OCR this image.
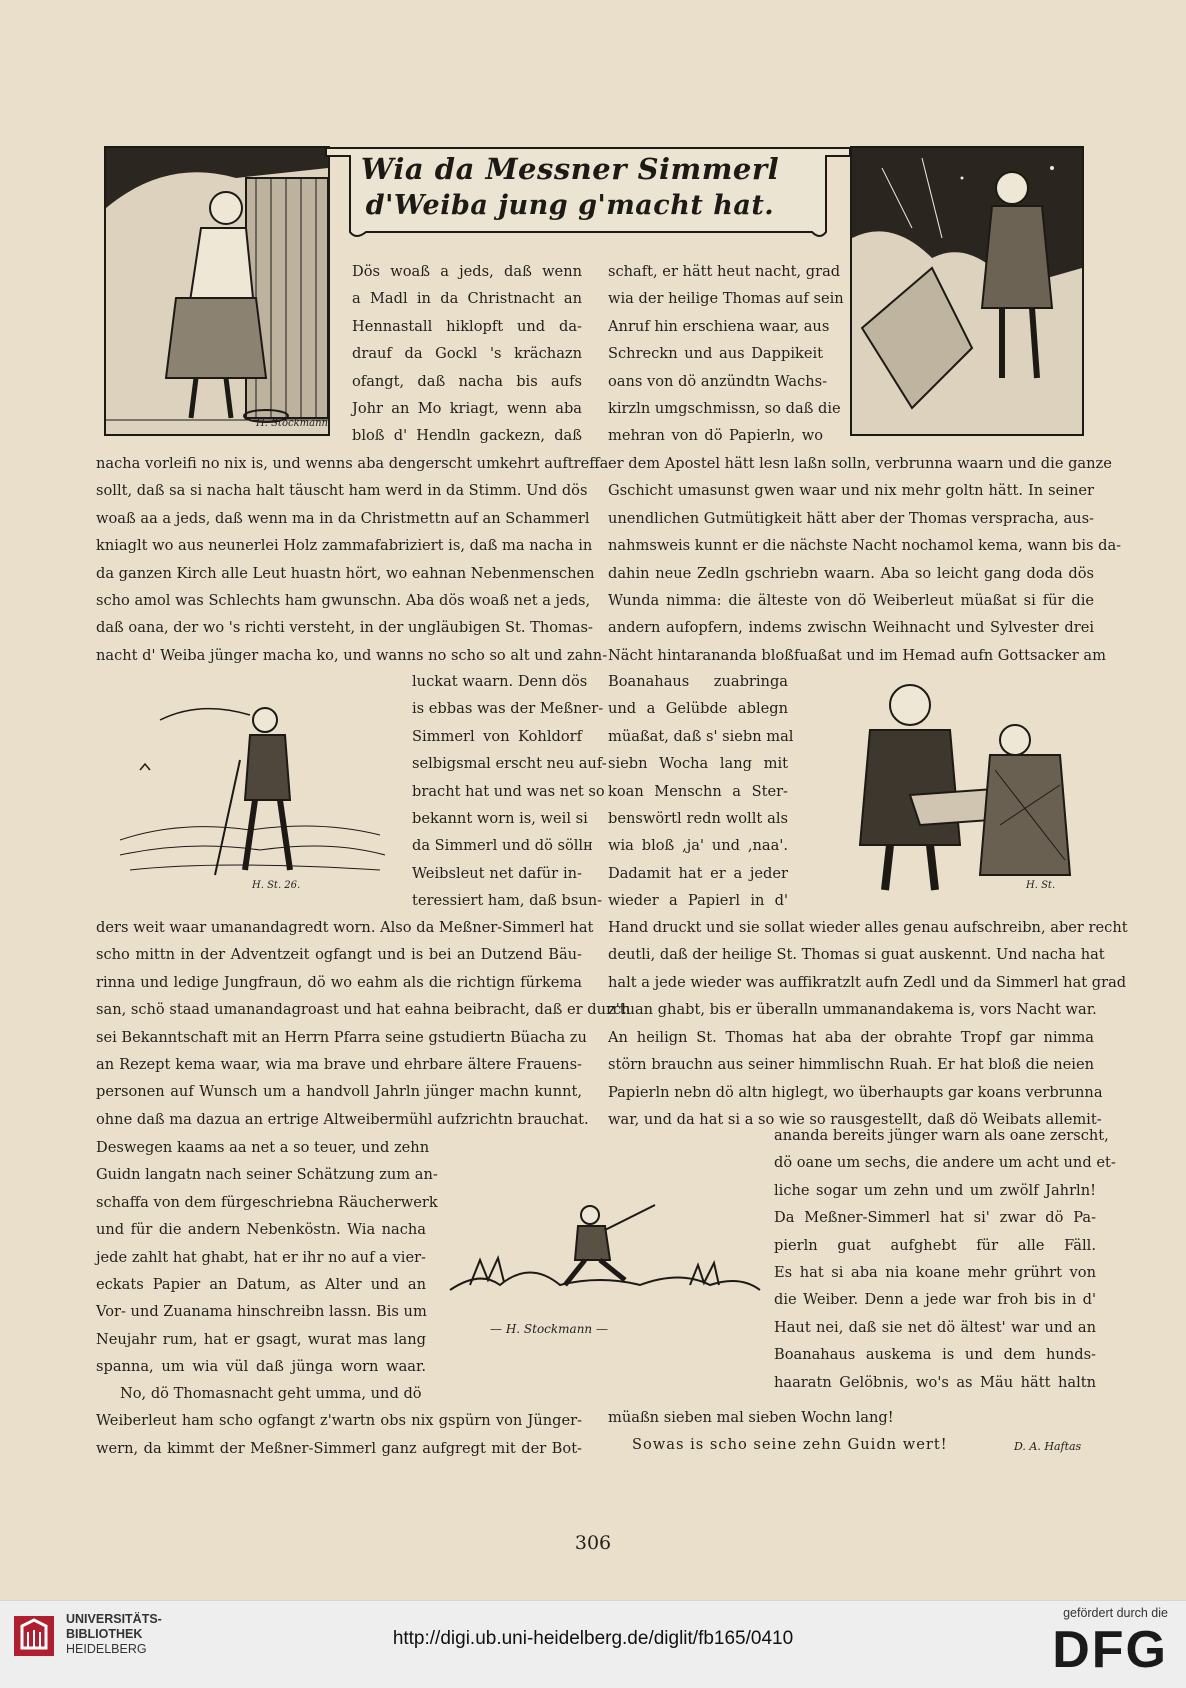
H. Stockmann
Wia da Messner Simmerl
d'Weiba jung g'macht hat.
Dös woaß a jeds, daß wenn
a Madl in da Christnacht an
Hennastall hiklopft und da-
drauf da Gockl 's krächazn
ofangt, daß nacha bis aufs
Johr an Mo kriagt, wenn aba
bloß d' Hendln gackezn, daß
schaft, er hätt heut nacht, grad
wia der heilige Thomas auf sein
Anruf hin erschiena waar, aus
Schreckn und aus Dappikeit
oans von dö anzündtn Wachs-
kirzln umgschmissn, so daß die
mehran von dö Papierln, wo
nacha vorleifi no nix is, und wenns aba dengerscht umkehrt auftreffa
sollt, daß sa si nacha halt täuscht ham werd in da Stimm. Und dös
woaß aa a jeds, daß wenn ma in da Christmettn auf an Schammerl
kniaglt wo aus neunerlei Holz zammafabriziert is, daß ma nacha in
da ganzen Kirch alle Leut huastn hört, wo eahnan Nebenmenschen
scho amol was Schlechts ham gwunschn. Aba dös woaß net a jeds,
daß oana, der wo 's richti versteht, in der ungläubigen St. Thomas-
nacht d' Weiba jünger macha ko, und wanns no scho so alt und zahn-
er dem Apostel hätt lesn laßn solln, verbrunna waarn und die ganze
Gschicht umasunst gwen waar und nix mehr goltn hätt. In seiner
unendlichen Gutmütigkeit hätt aber der Thomas verspracha, aus-
nahmsweis kunnt er die nächste Nacht nochamol kema, wann bis da-
dahin neue Zedln gschriebn waarn. Aba so leicht gang doda dös
Wunda nimma: die älteste von dö Weiberleut müaßat si für die
andern aufopfern, indems zwischn Weihnacht und Sylvester drei
Nächt hintaranandа bloßfuaßat und im Hemad aufn Gottsacker am
H. St. 26.
luckat waarn. Denn dös
is ebbas was der Meßner-
Simmerl von Kohldorf
selbigsmal erscht neu auf-
bracht hat und was net so
bekannt worn is, weil si
da Simmerl und dö söllн
Weibsleut net dafür in-
teressiert ham, daß bsun-
Boanahaus zuabringa
und a Gelübde ablegn
müaßat, daß s' siebn mal
siebn Wocha lang mit
koan Menschn a Ster-
benswörtl redn wollt als
wia bloß ,ja' und ,naa'.
Dadamit hat er a jeder
wieder a Papierl in d'
H. St.
ders weit waar umanandagredt worn. Also da Meßner-Simmerl hat
scho mittn in der Adventzeit ogfangt und is bei an Dutzend Bäu-
rinna und ledige Jungfraun, dö wo eahm als die richtign fürkema
san, schö staad umanandagroast und hat eahna beibracht, daß er durch
sei Bekanntschaft mit an Herrn Pfarra seine gstudiertn Büacha zu
an Rezept kema waar, wia ma brave und ehrbare ältere Frauens-
personen auf Wunsch um a handvoll Jahrln jünger machn kunnt,
ohne daß ma dazua an ertrige Altweibermühl aufzrichtn brauchat.
Hand druckt und sie sollat wieder alles genau aufschreibn, aber recht
deutli, daß der heilige St. Thomas si guat auskennt. Und nacha hat
halt a jede wieder was auffikratzlt aufn Zedl und da Simmerl hat grad
z'tuan ghabt, bis er überalln ummanandakema is, vors Nacht war.
An heilign St. Thomas hat aba der obrahte Tropf gar nimma
störn brauchn aus seiner himmlischn Ruah. Er hat bloß die neien
Papierln nebn dö altn higlegt, wo überhaupts gar koans verbrunna
war, und da hat si a so wie so rausgestellt, daß dö Weibats allemit-
Deswegen kaams aa net a so teuer, und zehn
Guidn langatn nach seiner Schätzung zum an-
schaffa von dem fürgeschriebna Räucherwerk
und für die andern Nebenköstn. Wia nacha
jede zahlt hat ghabt, hat er ihr no auf a vier-
eckats Papier an Datum, as Alter und an
Vor- und Zuanama hinschreibn lassn. Bis um
Neujahr rum, hat er gsagt, wurat mas lang
spanna, um wia vül daß jünga worn waar.
— H. Stockmann —
ananda bereits jünger warn als oane zerscht,
dö oane um sechs, die andere um acht und et-
liche sogar um zehn und um zwölf Jahrln!
Da Meßner-Simmerl hat si' zwar dö Pa-
pierln guat aufghebt für alle Fäll.
Es hat si aba nia koane mehr grührt von
die Weiber. Denn a jede war froh bis in d'
Haut nei, daß sie net dö ältest' war und an
Boanahaus auskema is und dem hunds-
haaratn Gelöbnis, wo's as Mäu hätt haltn
No, dö Thomasnacht geht umma, und dö
Weiberleut ham scho ogfangt z'wartn obs nix gspürn von Jünger-
wern, da kimmt der Meßner-Simmerl ganz aufgregt mit der Bot-
müaßn sieben mal sieben Wochn lang!
Sowas is scho seine zehn Guidn wert!	D. A. Haftas
306
UNIVERSITÄTS-
BIBLIOTHEK
HEIDELBERG	http://digi.ub.uni-heidelberg.de/diglit/fb165/0410
gefördert durch die
DFG
